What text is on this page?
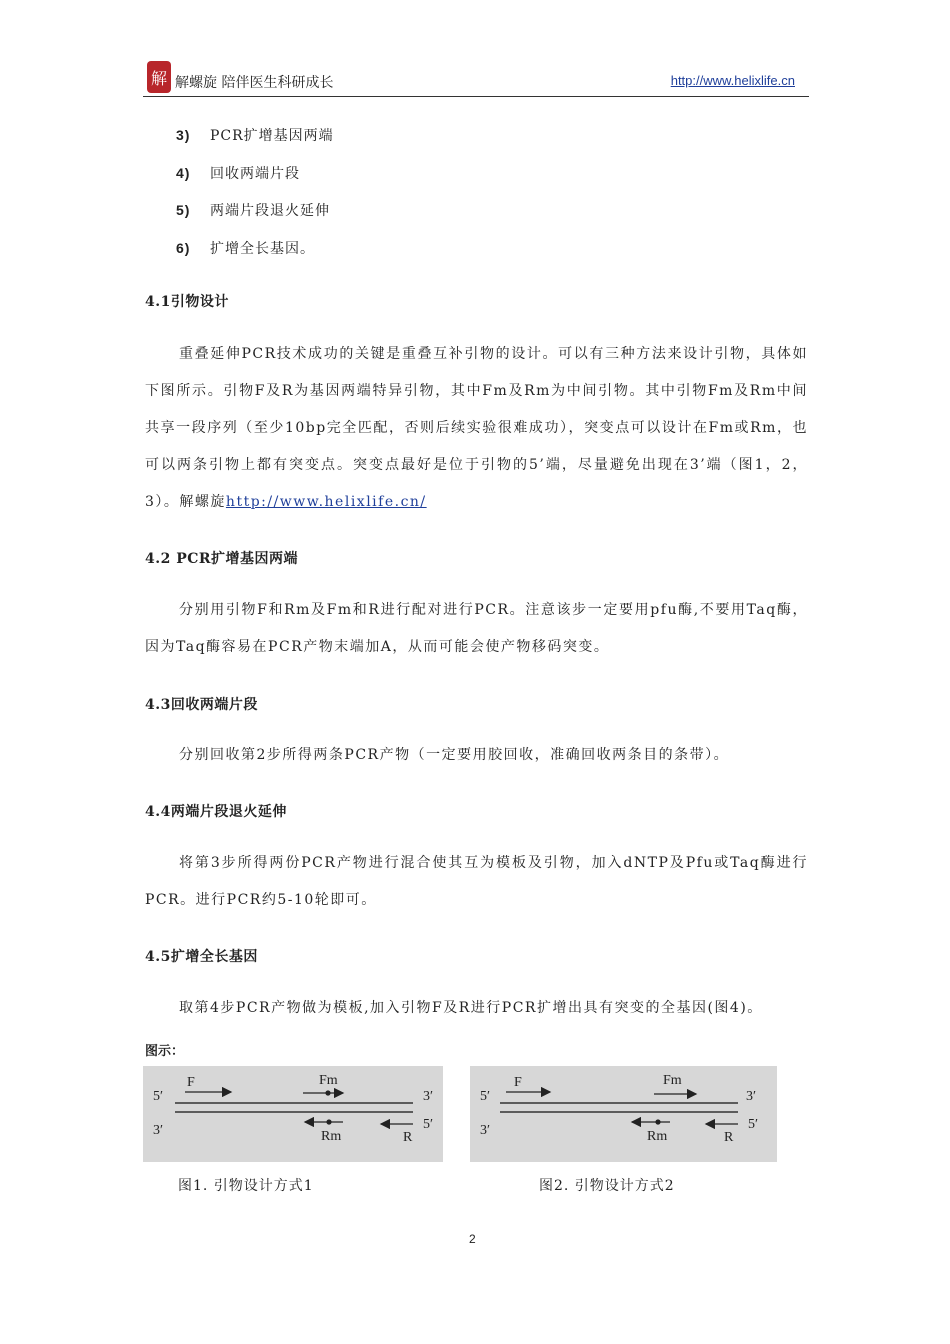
解 解螺旋 陪伴医生科研成长	http://www.helixlife.cn
3) PCR扩增基因两端
4) 回收两端片段
5) 两端片段退火延伸
6) 扩增全长基因。
4.1引物设计

重叠延伸PCR技术成功的关键是重叠互补引物的设计。可以有三种方法来设计引物，具体如下图所示。引物F及R为基因两端特异引物，其中Fm及Rm为中间引物。其中引物Fm及Rm中间共享一段序列（至少10bp完全匹配，否则后续实验很难成功），突变点可以设计在Fm或Rm，也可以两条引物上都有突变点。突变点最好是位于引物的5’端，尽量避免出现在3’端（图1，2，3）。解螺旋http://www.helixlife.cn/

4.2 PCR扩增基因两端

分别用引物F和Rm及Fm和R进行配对进行PCR。注意该步一定要用pfu酶,不要用Taq酶，因为Taq酶容易在PCR产物末端加A，从而可能会使产物移码突变。

4.3回收两端片段

分别回收第2步所得两条PCR产物（一定要用胶回收，准确回收两条目的条带）。

4.4两端片段退火延伸

将第3步所得两份PCR产物进行混合使其互为模板及引物，加入dNTP及Pfu或Taq酶进行PCR。进行PCR约5-10轮即可。

4.5扩增全长基因

取第4步PCR产物做为模板,加入引物F及R进行PCR扩增出具有突变的全基因(图4)。

图示：
5′	3′
3′	5′
F	Fm
Rm	R
5′	3′
3′	5′
F	Fm
Rm	R
图1. 引物设计方式1	图2. 引物设计方式2
2
